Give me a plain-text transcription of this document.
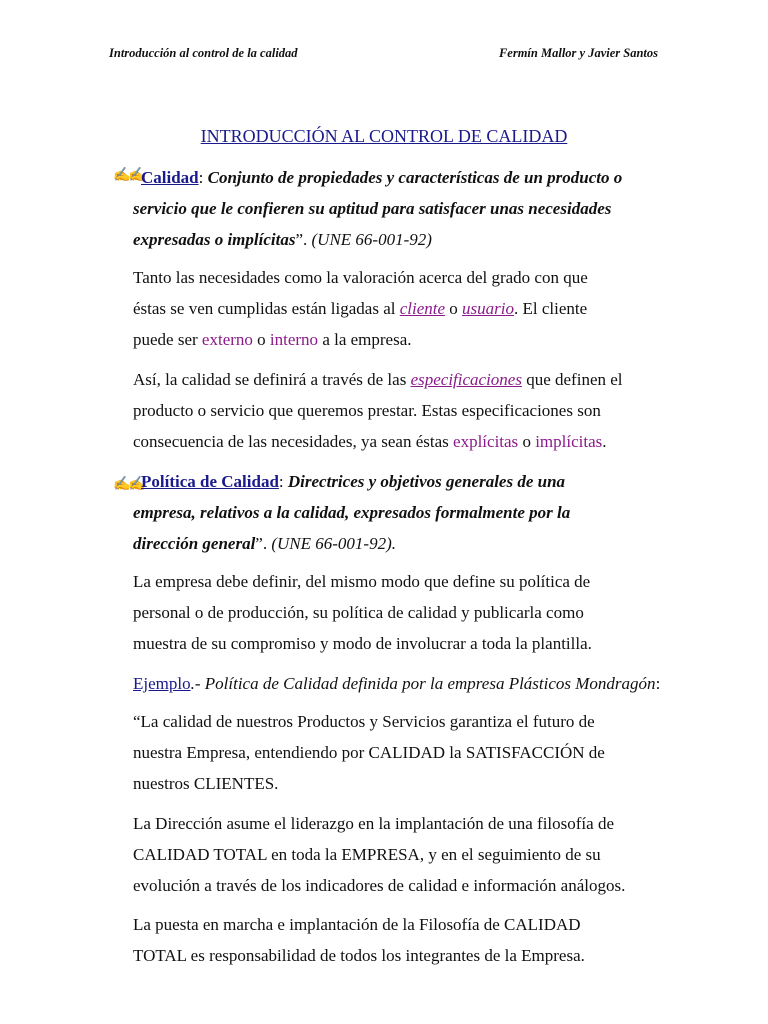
Introducción al control de la calidad	Fermín Mallor y Javier Santos
INTRODUCCIÓN AL CONTROL DE CALIDAD
✍✍
Calidad: Conjunto de propiedades y características de un producto o
servicio que le confieren su aptitud para satisfacer unas necesidades
expresadas o implícitas”. (UNE 66-001-92)
Tanto las necesidades como la valoración acerca del grado con que
éstas se ven cumplidas están ligadas al cliente o usuario. El cliente
puede ser externo o interno a la empresa.
Así, la calidad se definirá a través de las especificaciones que definen el
producto o servicio que queremos prestar. Estas especificaciones son
consecuencia de las necesidades, ya sean éstas explícitas o implícitas.
✍✍
Política de Calidad: Directrices y objetivos generales de una
empresa, relativos a la calidad, expresados formalmente por la
dirección general”. (UNE 66-001-92).
La empresa debe definir, del mismo modo que define su política de
personal o de producción, su política de calidad y publicarla como
muestra de su compromiso y modo de involucrar a toda la plantilla.
Ejemplo.- Política de Calidad definida por la empresa Plásticos Mondragón:
“La calidad de nuestros Productos y Servicios garantiza el futuro de
nuestra Empresa, entendiendo por CALIDAD la SATISFACCIÓN de
nuestros CLIENTES.
La Dirección asume el liderazgo en la implantación de una filosofía de
CALIDAD TOTAL en toda la EMPRESA, y en el seguimiento de su
evolución a través de los indicadores de calidad e información análogos.
La puesta en marcha e implantación de la Filosofía de CALIDAD
TOTAL es responsabilidad de todos los integrantes de la Empresa.
